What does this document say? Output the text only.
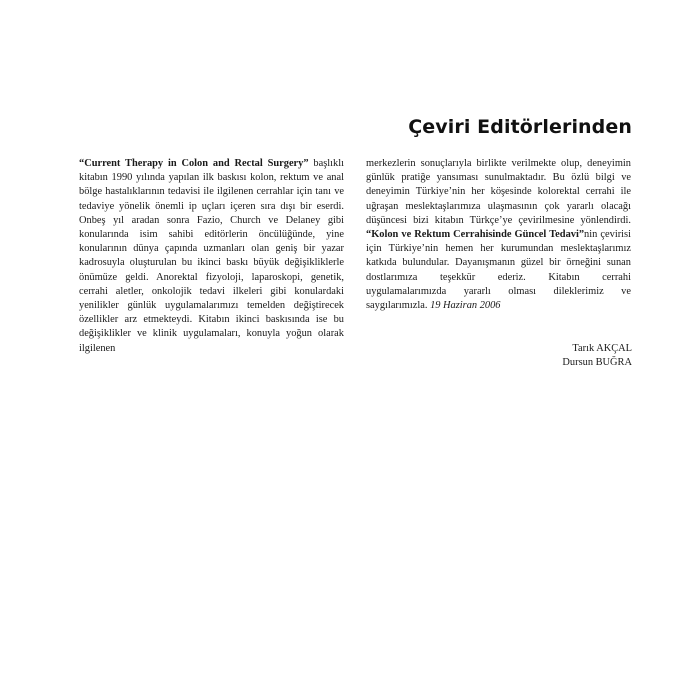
Çeviri Editörlerinden

“Current Therapy in Colon and Rectal Surgery” başlıklı kitabın 1990 yılında yapılan ilk baskısı kolon, rektum ve anal bölge hastalıklarının tedavisi ile ilgilenen cerrahlar için tanı ve tedaviye yönelik önemli ip uçları içeren sıra dışı bir eserdi. Onbeş yıl aradan sonra Fazio, Church ve Delaney gibi konularında isim sahibi editörlerin öncülüğünde, yine konularının dünya çapında uzmanları olan geniş bir yazar kadrosuyla oluşturulan bu ikinci baskı büyük değişikliklerle önümüze geldi. Anorektal fizyoloji, laparoskopi, genetik, cerrahi aletler, onkolojik tedavi ilkeleri gibi konulardaki yenilikler günlük uygulamalarımızı temelden değiştirecek özellikler arz etmekteydi. Kitabın ikinci baskısında ise bu değişiklikler ve klinik uygulamaları, konuyla yoğun olarak ilgilenen

merkezlerin sonuçlarıyla birlikte verilmekte olup, deneyimin günlük pratiğe yansıması sunulmaktadır. Bu özlü bilgi ve deneyimin Türkiye’nin her köşesinde kolorektal cerrahi ile uğraşan meslektaşlarımıza ulaşmasının çok yararlı olacağı düşüncesi bizi kitabın Türkçe’ye çevirilmesine yönlendirdi. “Kolon ve Rektum Cerrahisinde Güncel Tedavi”nin çevirisi için Türkiye’nin hemen her kurumundan meslektaşlarımız katkıda bulundular. Dayanışmanın güzel bir örneğini sunan dostlarımıza teşekkür ederiz. Kitabın cerrahi uygulamalarımızda yararlı olması dileklerimiz ve saygılarımızla. 19 Haziran 2006

Tarık AKÇAL
Dursun BUĞRA
